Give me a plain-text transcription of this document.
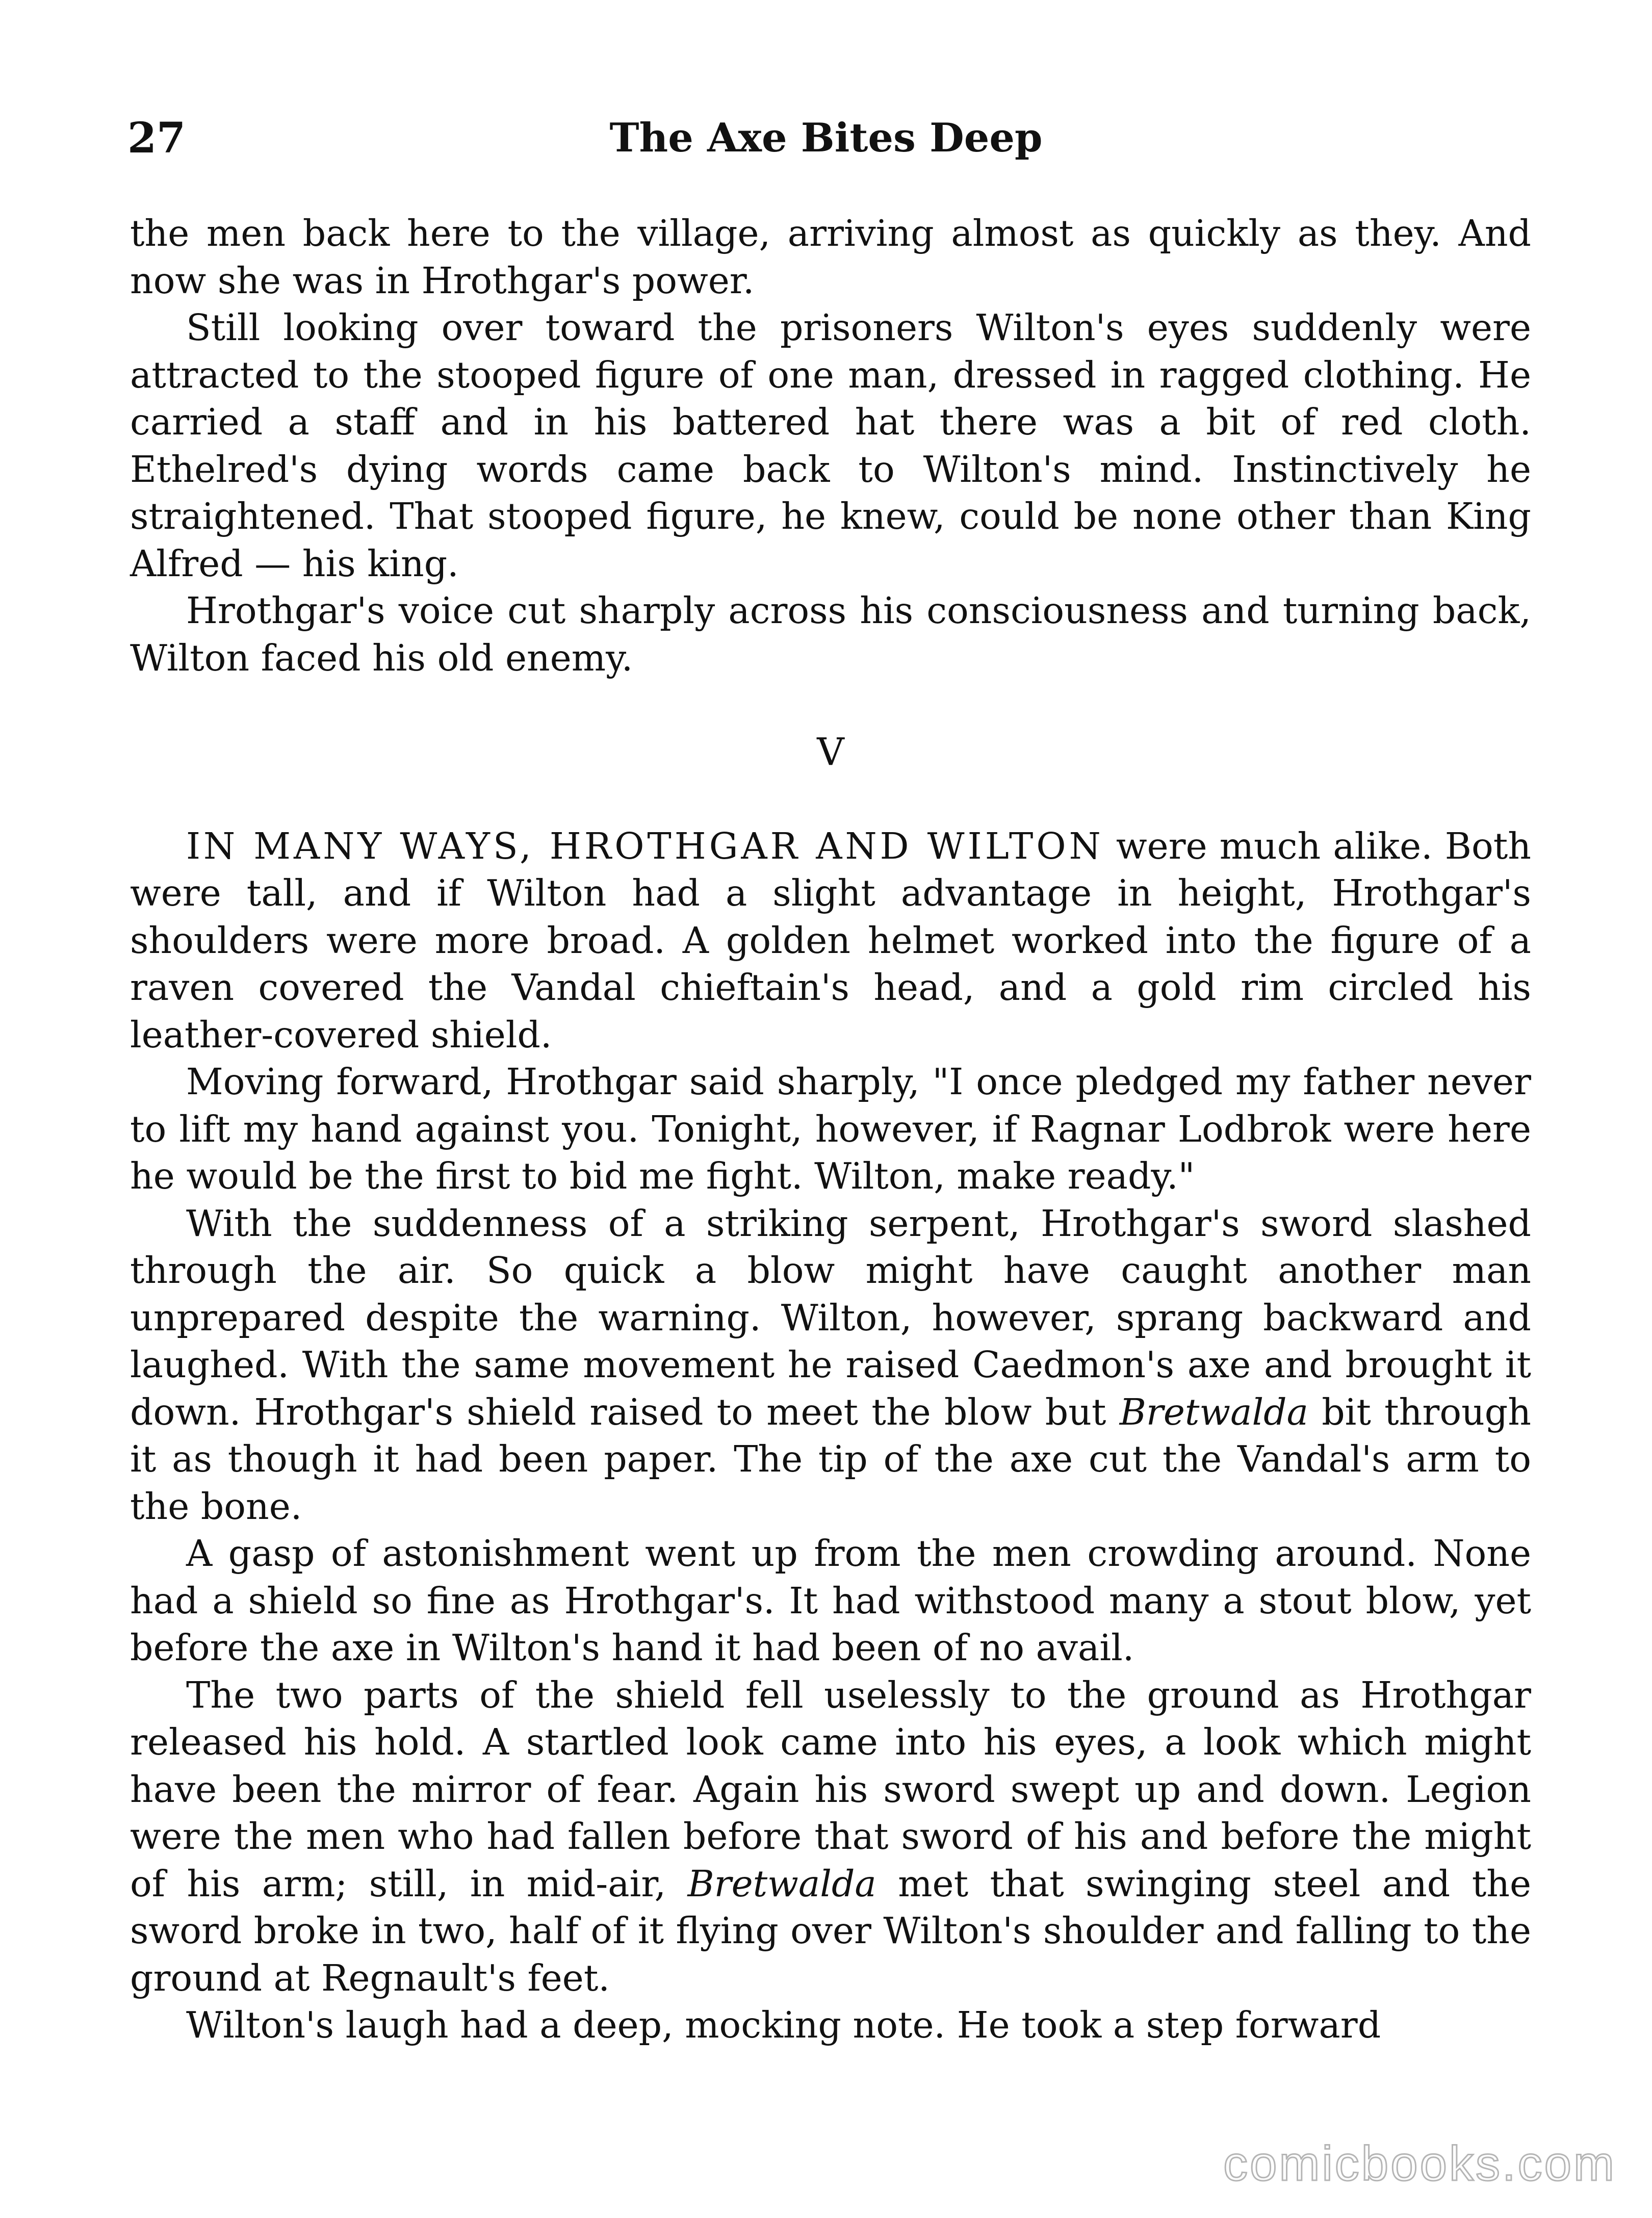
27	The Axe Bites Deep

the men back here to the village, arriving almost as quickly as they. And now she was in Hrothgar's power.

Still looking over toward the prisoners Wilton's eyes suddenly were attracted to the stooped figure of one man, dressed in ragged clothing. He carried a staff and in his battered hat there was a bit of red cloth. Ethelred's dying words came back to Wilton's mind. Instinctively he straightened. That stooped figure, he knew, could be none other than King Alfred — his king.

Hrothgar's voice cut sharply across his consciousness and turning back, Wilton faced his old enemy.

V

IN MANY WAYS, HROTHGAR AND WILTON were much alike. Both were tall, and if Wilton had a slight advantage in height, Hrothgar's shoulders were more broad. A golden helmet worked into the figure of a raven covered the Vandal chieftain's head, and a gold rim circled his leather-covered shield.

Moving forward, Hrothgar said sharply, "I once pledged my father never to lift my hand against you. Tonight, however, if Ragnar Lodbrok were here he would be the first to bid me fight. Wilton, make ready."

With the suddenness of a striking serpent, Hrothgar's sword slashed through the air. So quick a blow might have caught another man unprepared despite the warning. Wilton, however, sprang backward and laughed. With the same movement he raised Caedmon's axe and brought it down. Hrothgar's shield raised to meet the blow but Bretwalda bit through it as though it had been paper. The tip of the axe cut the Vandal's arm to the bone.

A gasp of astonishment went up from the men crowding around. None had a shield so fine as Hrothgar's. It had withstood many a stout blow, yet before the axe in Wilton's hand it had been of no avail.

The two parts of the shield fell uselessly to the ground as Hrothgar released his hold. A startled look came into his eyes, a look which might have been the mirror of fear. Again his sword swept up and down. Legion were the men who had fallen before that sword of his and before the might of his arm; still, in mid-air, Bretwalda met that swinging steel and the sword broke in two, half of it flying over Wilton's shoulder and falling to the ground at Regnault's feet.

Wilton's laugh had a deep, mocking note. He took a step forward

comicbooks.com
